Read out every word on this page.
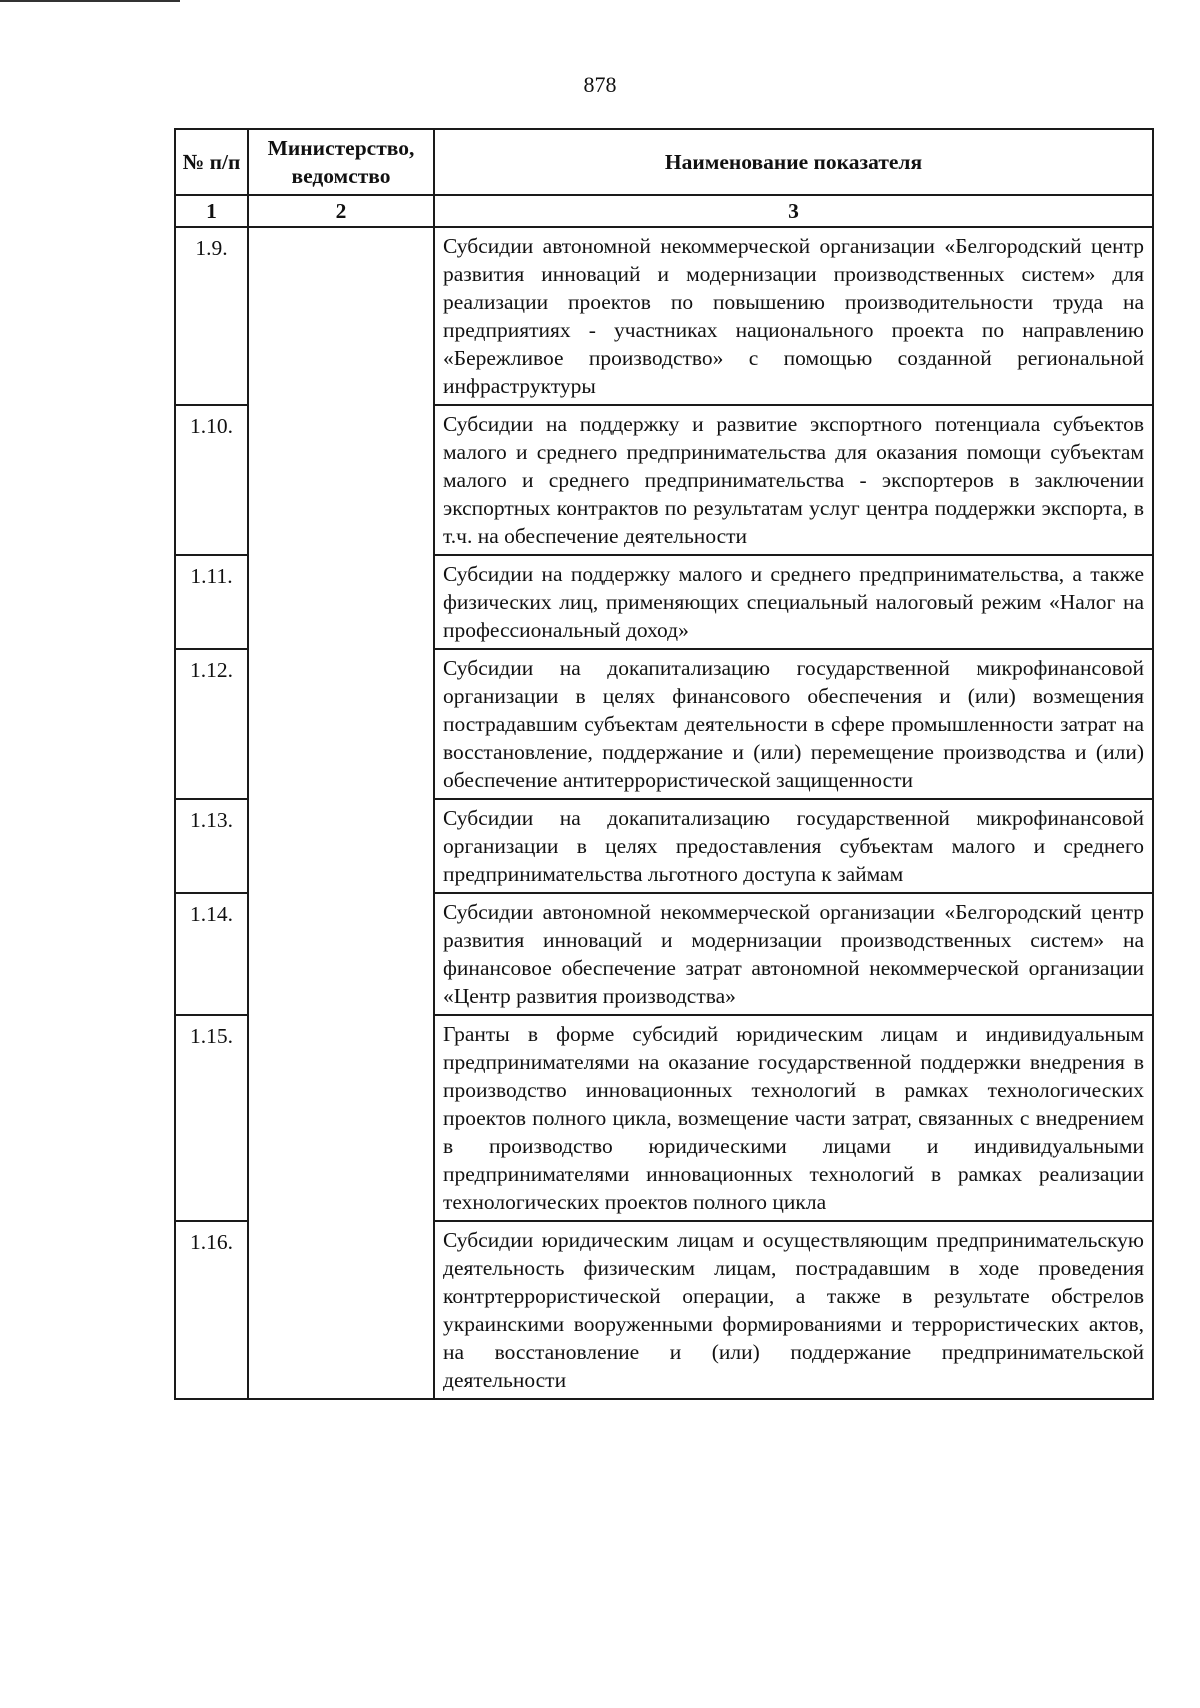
878
№ п/п	Министерство, ведомство	Наименование показателя
1	2	3
1.9.		Субсидии автономной некоммерческой организации «Белгородский центр развития инноваций и модернизации производственных систем» для реализации проектов по повышению производительности труда на предприятиях - участниках национального проекта по направлению «Бережливое производство» с помощью созданной региональной инфраструктуры
1.10.		Субсидии на поддержку и развитие экспортного потенциала субъектов малого и среднего предпринимательства для оказания помощи субъектам малого и среднего предпринимательства - экспортеров в заключении экспортных контрактов по результатам услуг центра поддержки экспорта, в т.ч. на обеспечение деятельности
1.11.		Субсидии на поддержку малого и среднего предпринимательства, а также физических лиц, применяющих специальный налоговый режим «Налог на профессиональный доход»
1.12.		Субсидии на докапитализацию государственной микрофинансовой организации в целях финансового обеспечения и (или) возмещения пострадавшим субъектам деятельности в сфере промышленности затрат на восстановление, поддержание и (или) перемещение производства и (или) обеспечение антитеррористической защищенности
1.13.		Субсидии на докапитализацию государственной микрофинансовой организации в целях предоставления субъектам малого и среднего предпринимательства льготного доступа к займам
1.14.		Субсидии автономной некоммерческой организации «Белгородский центр развития инноваций и модернизации производственных систем» на финансовое обеспечение затрат автономной некоммерческой организации «Центр развития производства»
1.15.		Гранты в форме субсидий юридическим лицам и индивидуальным предпринимателями на оказание государственной поддержки внедрения в производство инновационных технологий в рамках технологических проектов полного цикла, возмещение части затрат, связанных с внедрением в производство юридическими лицами и индивидуальными предпринимателями инновационных технологий в рамках реализации технологических проектов полного цикла
1.16.		Субсидии юридическим лицам и осуществляющим предпринимательскую деятельность физическим лицам, пострадавшим в ходе проведения контртеррористической операции, а также в результате обстрелов украинскими вооруженными формированиями и террористических актов, на восстановление и (или) поддержание предпринимательской деятельности
